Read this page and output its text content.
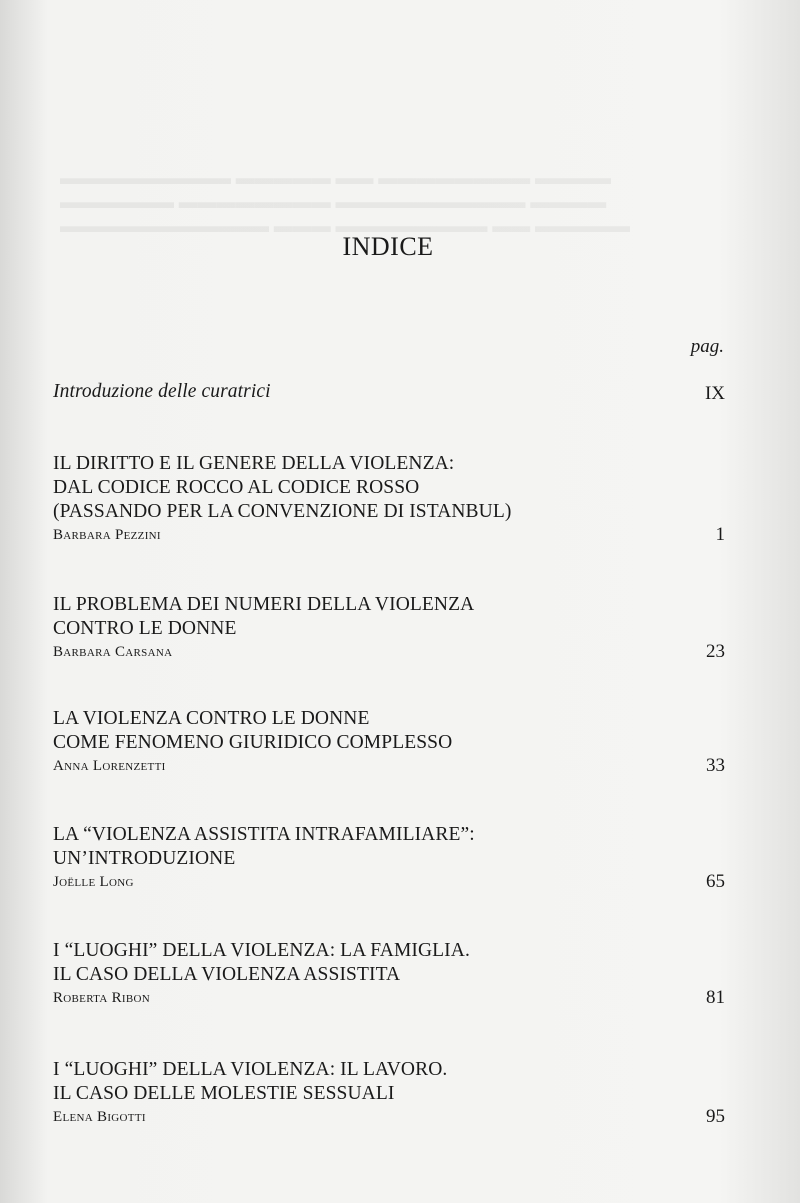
▬▬▬▬ ▬▬▬▬▬▬▬▬ ▬▬ ▬▬▬▬▬ ▬▬▬▬▬▬▬▬▬
▬▬▬▬ ▬▬▬▬▬▬▬▬▬▬ ▬▬▬▬▬▬▬▬ ▬▬▬▬▬▬
▬▬▬▬▬ ▬▬ ▬▬▬▬▬▬▬▬ ▬▬▬ ▬▬▬▬▬▬▬▬▬▬▬
INDICE
pag.
Introduzione delle curatrici	IX
IL DIRITTO E IL GENERE DELLA VIOLENZA:
DAL CODICE ROCCO AL CODICE ROSSO
(PASSANDO PER LA CONVENZIONE DI ISTANBUL)
Barbara Pezzini	1
IL PROBLEMA DEI NUMERI DELLA VIOLENZA
CONTRO LE DONNE
Barbara Carsana	23
LA VIOLENZA CONTRO LE DONNE
COME FENOMENO GIURIDICO COMPLESSO
Anna Lorenzetti	33
LA “VIOLENZA ASSISTITA INTRAFAMILIARE”:
UN’INTRODUZIONE
Joëlle Long	65
I “LUOGHI” DELLA VIOLENZA: LA FAMIGLIA.
IL CASO DELLA VIOLENZA ASSISTITA
Roberta Ribon	81
I “LUOGHI” DELLA VIOLENZA: IL LAVORO.
IL CASO DELLE MOLESTIE SESSUALI
Elena Bigotti	95
